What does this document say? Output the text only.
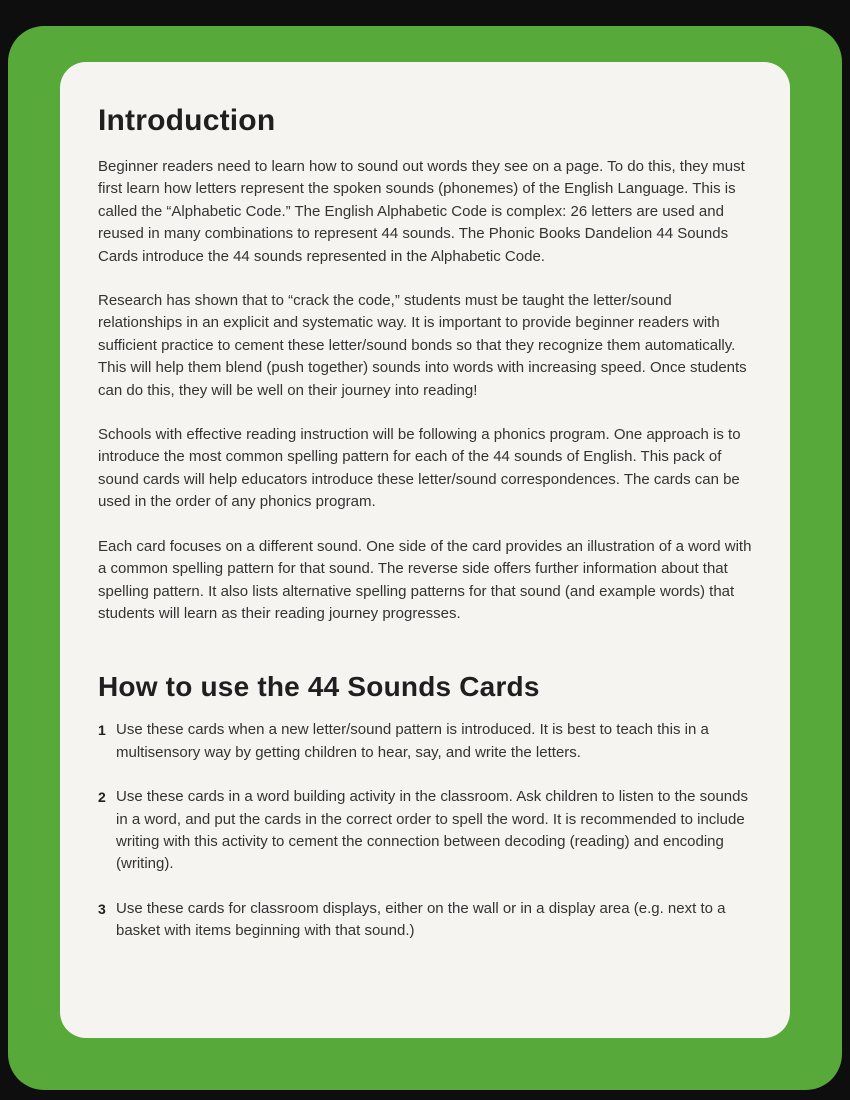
Introduction

Beginner readers need to learn how to sound out words they see on a page. To do this, they must first learn how letters represent the spoken sounds (phonemes) of the English Language. This is called the “Alphabetic Code.” The English Alphabetic Code is complex: 26 letters are used and reused in many combinations to represent 44 sounds. The Phonic Books Dandelion 44 Sounds Cards introduce the 44 sounds represented in the Alphabetic Code.

Research has shown that to “crack the code,” students must be taught the letter/sound relationships in an explicit and systematic way. It is important to provide beginner readers with sufficient practice to cement these letter/sound bonds so that they recognize them automatically. This will help them blend (push together) sounds into words with increasing speed. Once students can do this, they will be well on their journey into reading!

Schools with effective reading instruction will be following a phonics program. One approach is to introduce the most common spelling pattern for each of the 44 sounds of English. This pack of sound cards will help educators introduce these letter/sound correspondences. The cards can be used in the order of any phonics program.

Each card focuses on a different sound. One side of the card provides an illustration of a word with a common spelling pattern for that sound. The reverse side offers further information about that spelling pattern. It also lists alternative spelling patterns for that sound (and example words) that students will learn as their reading journey progresses.

How to use the 44 Sounds Cards
1 Use these cards when a new letter/sound pattern is introduced. It is best to teach this in a multisensory way by getting children to hear, say, and write the letters.
2 Use these cards in a word building activity in the classroom. Ask children to listen to the sounds in a word, and put the cards in the correct order to spell the word. It is recommended to include writing with this activity to cement the connection between decoding (reading) and encoding (writing).
3 Use these cards for classroom displays, either on the wall or in a display area (e.g. next to a basket with items beginning with that sound.)
